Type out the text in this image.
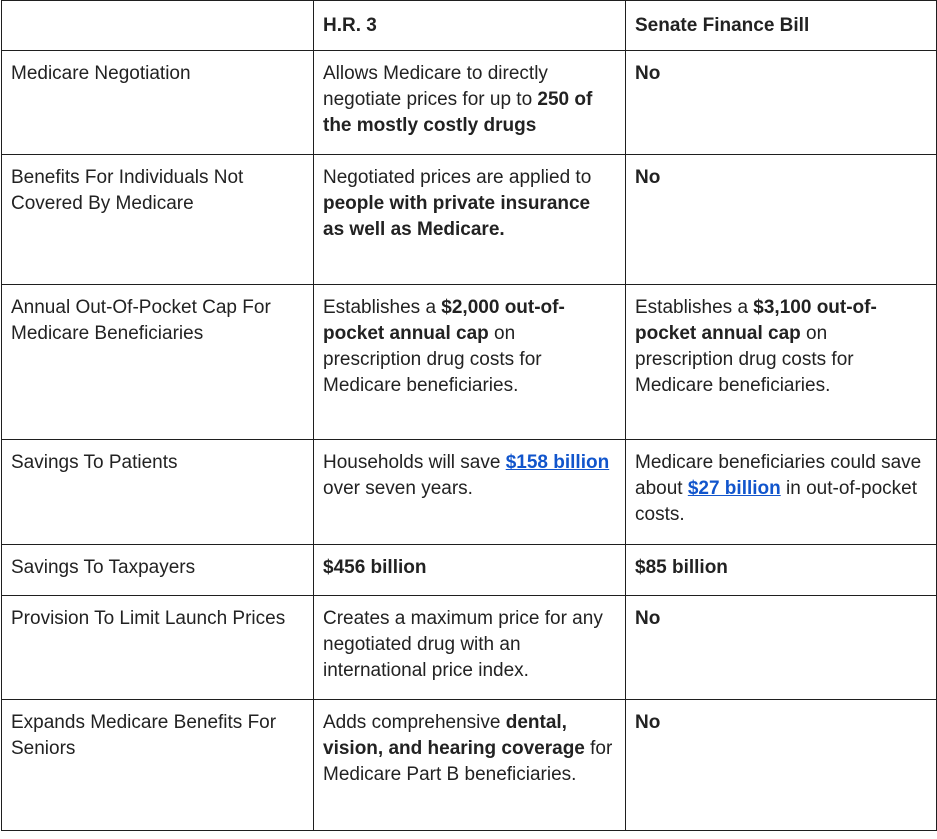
	H.R. 3	Senate Finance Bill
Medicare Negotiation	Allows Medicare to directly negotiate prices for up to 250 of the mostly costly drugs	No
Benefits For Individuals Not Covered By Medicare	Negotiated prices are applied to people with private insurance as well as Medicare.	No
Annual Out-Of-Pocket Cap For Medicare Beneficiaries	Establishes a $2,000 out-of-pocket annual cap on prescription drug costs for Medicare beneficiaries.	Establishes a $3,100 out-of-pocket annual cap on prescription drug costs for Medicare beneficiaries.
Savings To Patients	Households will save $158 billion over seven years.	Medicare beneficiaries could save about $27 billion in out-of-pocket costs.
Savings To Taxpayers	$456 billion	$85 billion
Provision To Limit Launch Prices	Creates a maximum price for any negotiated drug with an international price index.	No
Expands Medicare Benefits For Seniors	Adds comprehensive dental, vision, and hearing coverage for Medicare Part B beneficiaries.	No
